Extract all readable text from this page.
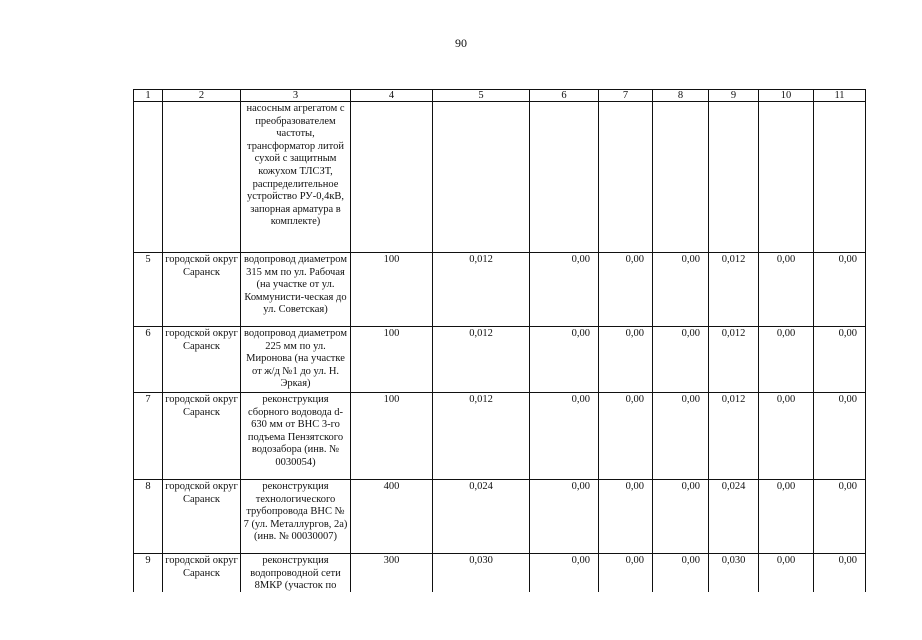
90
1	2	3	4	5	6	7	8	9	10	11
		насосным агрегатом с преобразователем частоты, трансформатор литой сухой с защитным кожухом ТЛСЗТ, распределительное устройство РУ-0,4кВ, запорная арматура в комплекте)								
5	городской округ Саранск	водопровод диаметром 315 мм по ул. Рабочая (на участке от ул. Коммунисти-ческая до ул. Советская)	100	0,012	0,00	0,00	0,00	0,012	0,00	0,00
6	городской округ Саранск	водопровод диаметром 225 мм по ул. Миронова (на участке от ж/д №1 до ул. Н. Эркая)	100	0,012	0,00	0,00	0,00	0,012	0,00	0,00
7	городской округ Саранск	реконструкция сборного водовода d-630 мм от ВНС 3-го подъема Пензятского водозабора (инв. № 0030054)	100	0,012	0,00	0,00	0,00	0,012	0,00	0,00
8	городской округ Саранск	реконструкция технологического трубопровода ВНС № 7 (ул. Металлургов, 2а) (инв. № 00030007)	400	0,024	0,00	0,00	0,00	0,024	0,00	0,00
9	городской округ Саранск	реконструкция водопроводной сети 8МКР (участок по	300	0,030	0,00	0,00	0,00	0,030	0,00	0,00
